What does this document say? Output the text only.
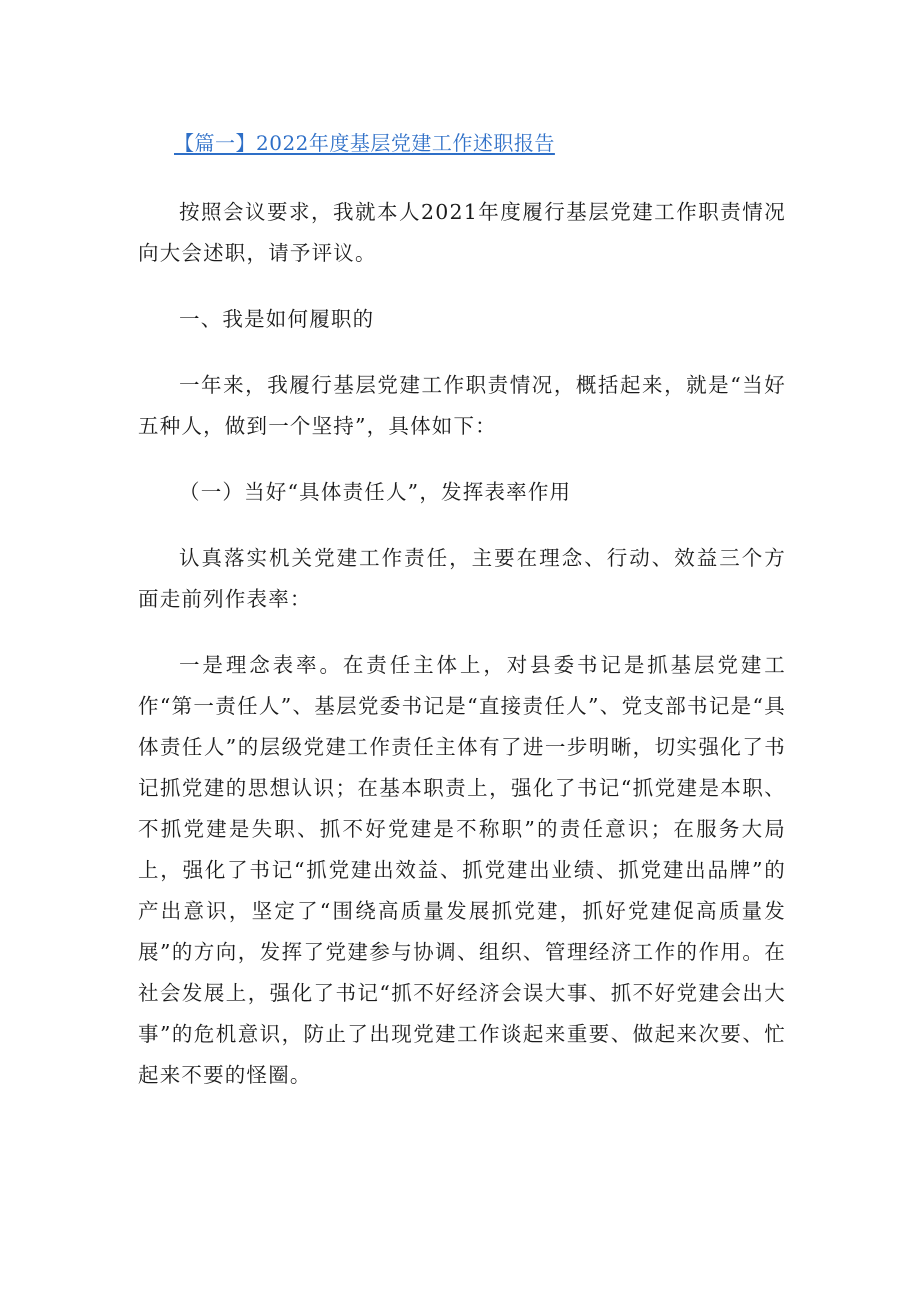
【篇一】2022年度基层党建工作述职报告

按照会议要求，我就本人2021年度履行基层党建工作职责情况向大会述职，请予评议。

一、我是如何履职的

一年来，我履行基层党建工作职责情况，概括起来，就是“当好五种人，做到一个坚持”，具体如下：

（一）当好“具体责任人”，发挥表率作用

认真落实机关党建工作责任，主要在理念、行动、效益三个方面走前列作表率：

一是理念表率。在责任主体上，对县委书记是抓基层党建工作“第一责任人”、基层党委书记是“直接责任人”、党支部书记是“具体责任人”的层级党建工作责任主体有了进一步明晰，切实强化了书记抓党建的思想认识；在基本职责上，强化了书记“抓党建是本职、不抓党建是失职、抓不好党建是不称职”的责任意识；在服务大局上，强化了书记“抓党建出效益、抓党建出业绩、抓党建出品牌”的产出意识，坚定了“围绕高质量发展抓党建，抓好党建促高质量发展”的方向，发挥了党建参与协调、组织、管理经济工作的作用。在社会发展上，强化了书记“抓不好经济会误大事、抓不好党建会出大事”的危机意识，防止了出现党建工作谈起来重要、做起来次要、忙起来不要的怪圈。
